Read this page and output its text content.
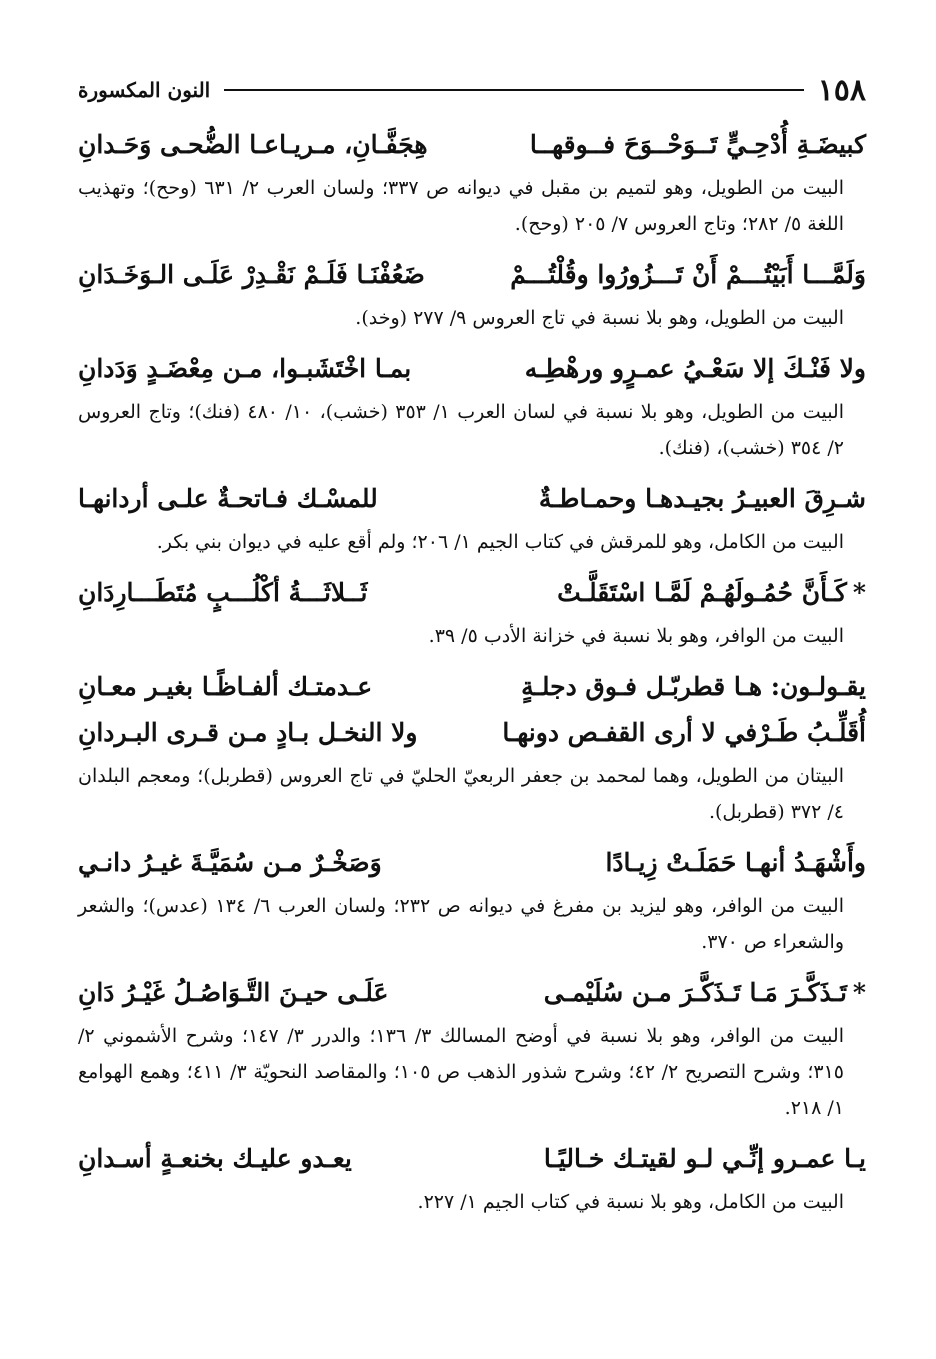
١٥٨
النون المكسورة
كبيضَـةِ أُدْحِـيٍّ تَــوَحْــوَحَ فــوقهــا
هِجَفَّـانِ، مـريـاعـا الضُّحـى وَحَـدانِ
البيت من الطويل، وهو لتميم بن مقبل في ديوانه ص ٣٣٧؛ ولسان العرب ٢/ ٦٣١ (وحح)؛ وتهذيب اللغة ٥/ ٢٨٢؛ وتاج العروس ٧/ ٢٠٥ (وحح).
وَلَمَّـــا أَبَيْتُـــمْ أَنْ تَـــزُورُوا وقُلْتُـــمْ
ضَعُفْنَـا فَلَـمْ نَقْـدِرْ عَلَـى الـوَخَـدَانِ
البيت من الطويل، وهو بلا نسبة في تاج العروس ٩/ ٢٧٧ (وخد).
ولا فَنْـكَ إلا سَعْـيُ عمـرٍو ورهْطِـه
بمـا اخْتَشَبـوا، مـن مِعْضَـدٍ وَدَدانِ
البيت من الطويل، وهو بلا نسبة في لسان العرب ١/ ٣٥٣ (خشب)، ١٠/ ٤٨٠ (فنك)؛ وتاج العروس ٢/ ٣٥٤ (خشب)، (فنك).
شـرِقَ العبيـرُ بجيـدهـا وحمـاطـةٌ
للمسْـك فـاتحـةٌ علـى أردانهـا
البيت من الكامل، وهو للمرقش في كتاب الجيم ١/ ٢٠٦؛ ولم أقع عليه في ديوان بني بكر.
*كَـأَنَّ حُمُـولَهُـمْ لَمَّـا اسْتَقَلَّـتْ
ثَــلاثَـــةُ أكْلُـــبٍ مُتَطَـــارِدَانِ
البيت من الوافر، وهو بلا نسبة في خزانة الأدب ٥/ ٣٩.
يقـولـون: هـا قطربّـل فـوق دجلـةٍ
عـدمتـك ألفـاظًـا بغيـر معـانِ
أُقَلِّـبُ طَـرْفي لا أرى القفـص دونهـا
ولا النخـل بـادٍ مـن قـرى البـردانِ
البيتان من الطويل، وهما لمحمد بن جعفر الربعيّ الحليّ في تاج العروس (قطربل)؛ ومعجم البلدان ٤/ ٣٧٢ (قطربل).
وأَشْهَـدُ أنهـا حَمَلَـتْ زِيـادًا
وَصَخْـرٌ مـن سُمَيَّـةَ غيـرُ دانـي
البيت من الوافر، وهو ليزيد بن مفرغ في ديوانه ص ٢٣٢؛ ولسان العرب ٦/ ١٣٤ (عدس)؛ والشعر والشعراء ص ٣٧٠.
*تَـذَكَّـرَ مَـا تَـذَكَّـرَ مـن سُلَيْمـى
عَلَـى حيـنَ التَّـوَاصُـلُ غَيْـرُ دَانِ
البيت من الوافر، وهو بلا نسبة في أوضح المسالك ٣/ ١٣٦؛ والدرر ٣/ ١٤٧؛ وشرح الأشموني ٢/ ٣١٥؛ وشرح التصريح ٢/ ٤٢؛ وشرح شذور الذهب ص ١٠٥؛ والمقاصد النحويّة ٣/ ٤١١؛ وهمع الهوامع ١/ ٢١٨.
يـا عمـرو إنِّـي لـو لقيتـك خـاليًـا
يعـدو عليـك بخنعـةٍ أسـدانِ
البيت من الكامل، وهو بلا نسبة في كتاب الجيم ١/ ٢٢٧.
